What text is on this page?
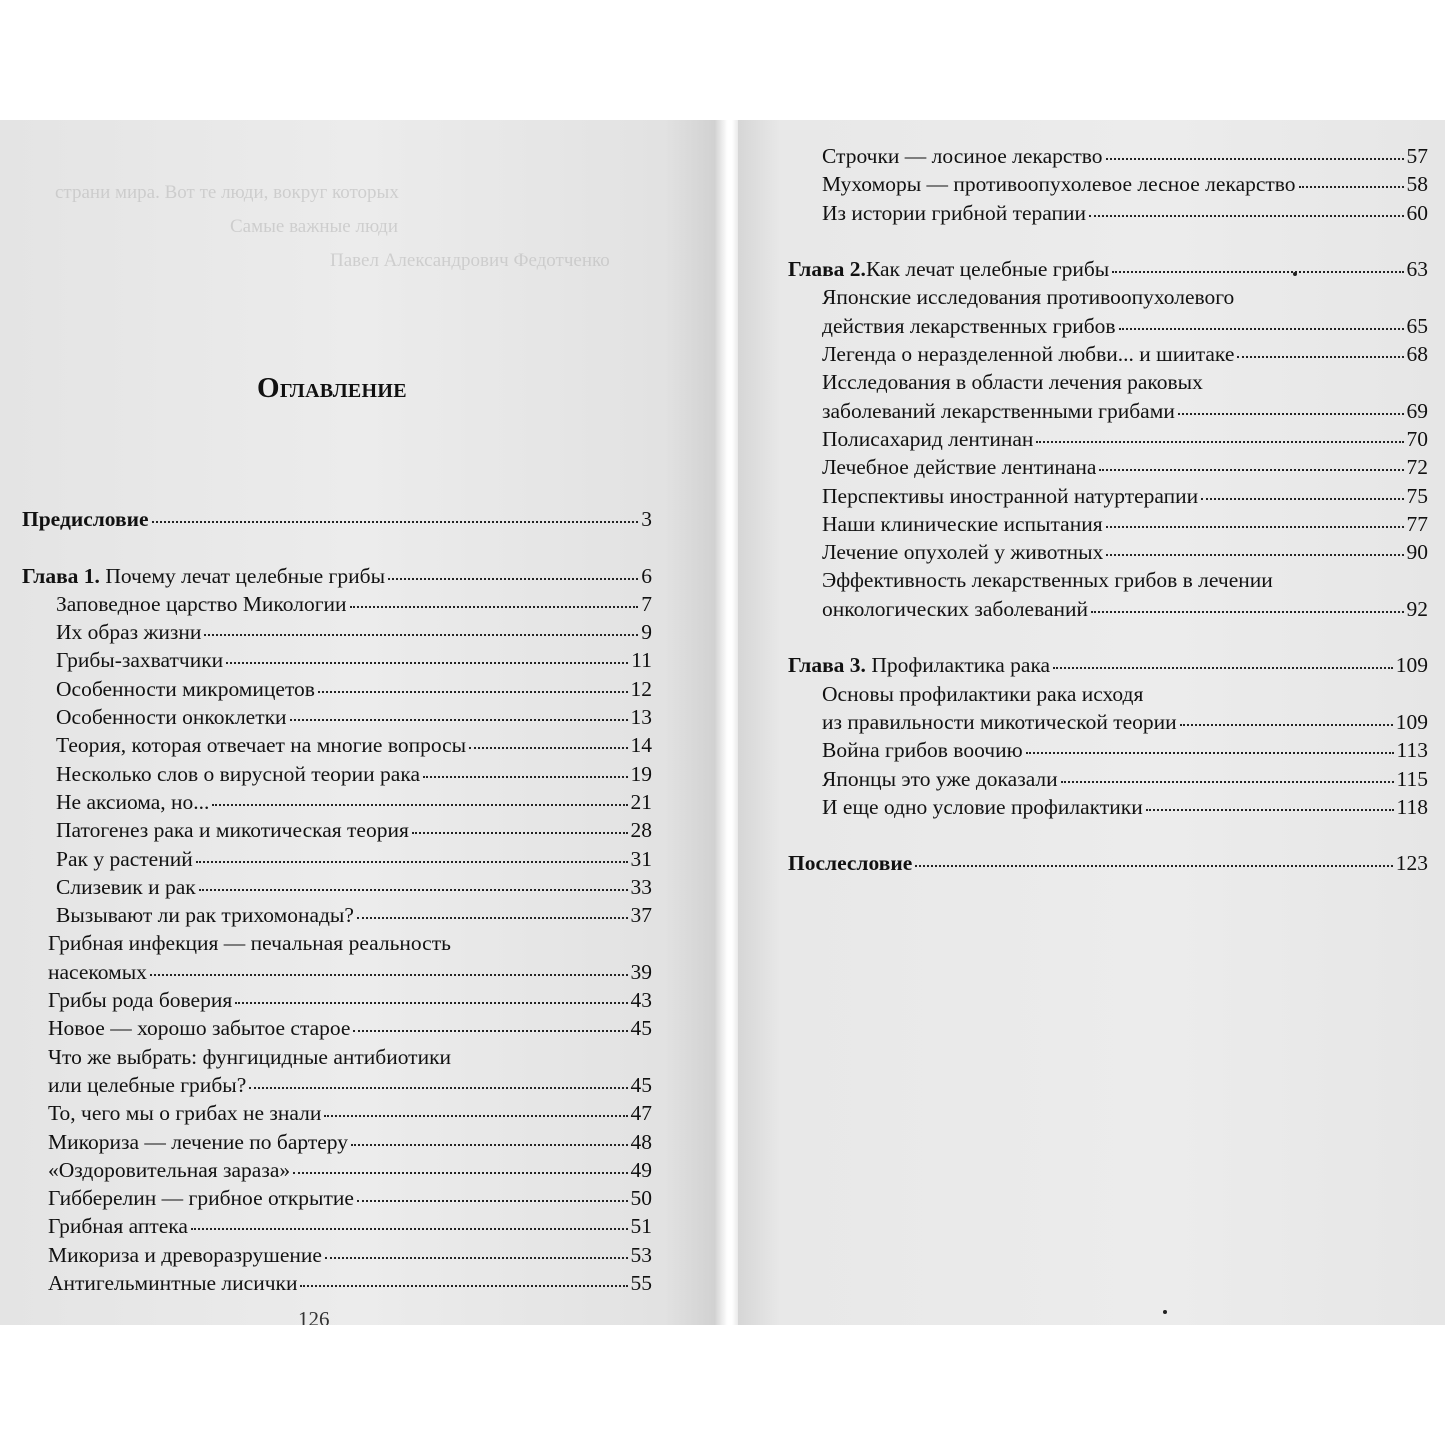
страни мира. Вот те люди, вокруг которых
Самые важные люди
Павел Александрович Федотченко
Оглавление
Предисловие	3
Глава 1. Почему лечат целебные грибы	6
Заповедное царство Микологии	7
Их образ жизни	9
Грибы-захватчики	11
Особенности микромицетов	12
Особенности онкоклетки	13
Теория, которая отвечает на многие вопросы	14
Несколько слов о вирусной теории рака	19
Не аксиома, но...	21
Патогенез рака и микотическая теория	28
Рак у растений	31
Слизевик и рак	33
Вызывают ли рак трихомонады?	37
Грибная инфекция — печальная реальность
насекомых	39
Грибы рода боверия	43
Новое — хорошо забытое старое	45
Что же выбрать: фунгицидные антибиотики
или целебные грибы?	45
То, чего мы о грибах не знали	47
Микориза — лечение по бартеру	48
«Оздоровительная зараза»	49
Гибберелин — грибное открытие	50
Грибная аптека	51
Микориза и древоразрушение	53
Антигельминтные лисички	55
126
Строчки — лосиное лекарство	57
Мухоморы — противоопухолевое лесное лекарство	58
Из истории грибной терапии	60
Глава 2.Как лечат целебные грибы	63
Японские исследования противоопухолевого
действия лекарственных грибов	65
Легенда о неразделенной любви... и шиитаке	68
Исследования в области лечения раковых
заболеваний лекарственными грибами	69
Полисахарид лентинан	70
Лечебное действие лентинана	72
Перспективы иностранной натуртерапии	75
Наши клинические испытания	77
Лечение опухолей у животных	90
Эффективность лекарственных грибов в лечении
онкологических заболеваний	92
Глава 3. Профилактика рака	109
Основы профилактики рака исходя
из правильности микотической теории	109
Война грибов воочию	113
Японцы это уже доказали	115
И еще одно условие профилактики	118
Послесловие	123
